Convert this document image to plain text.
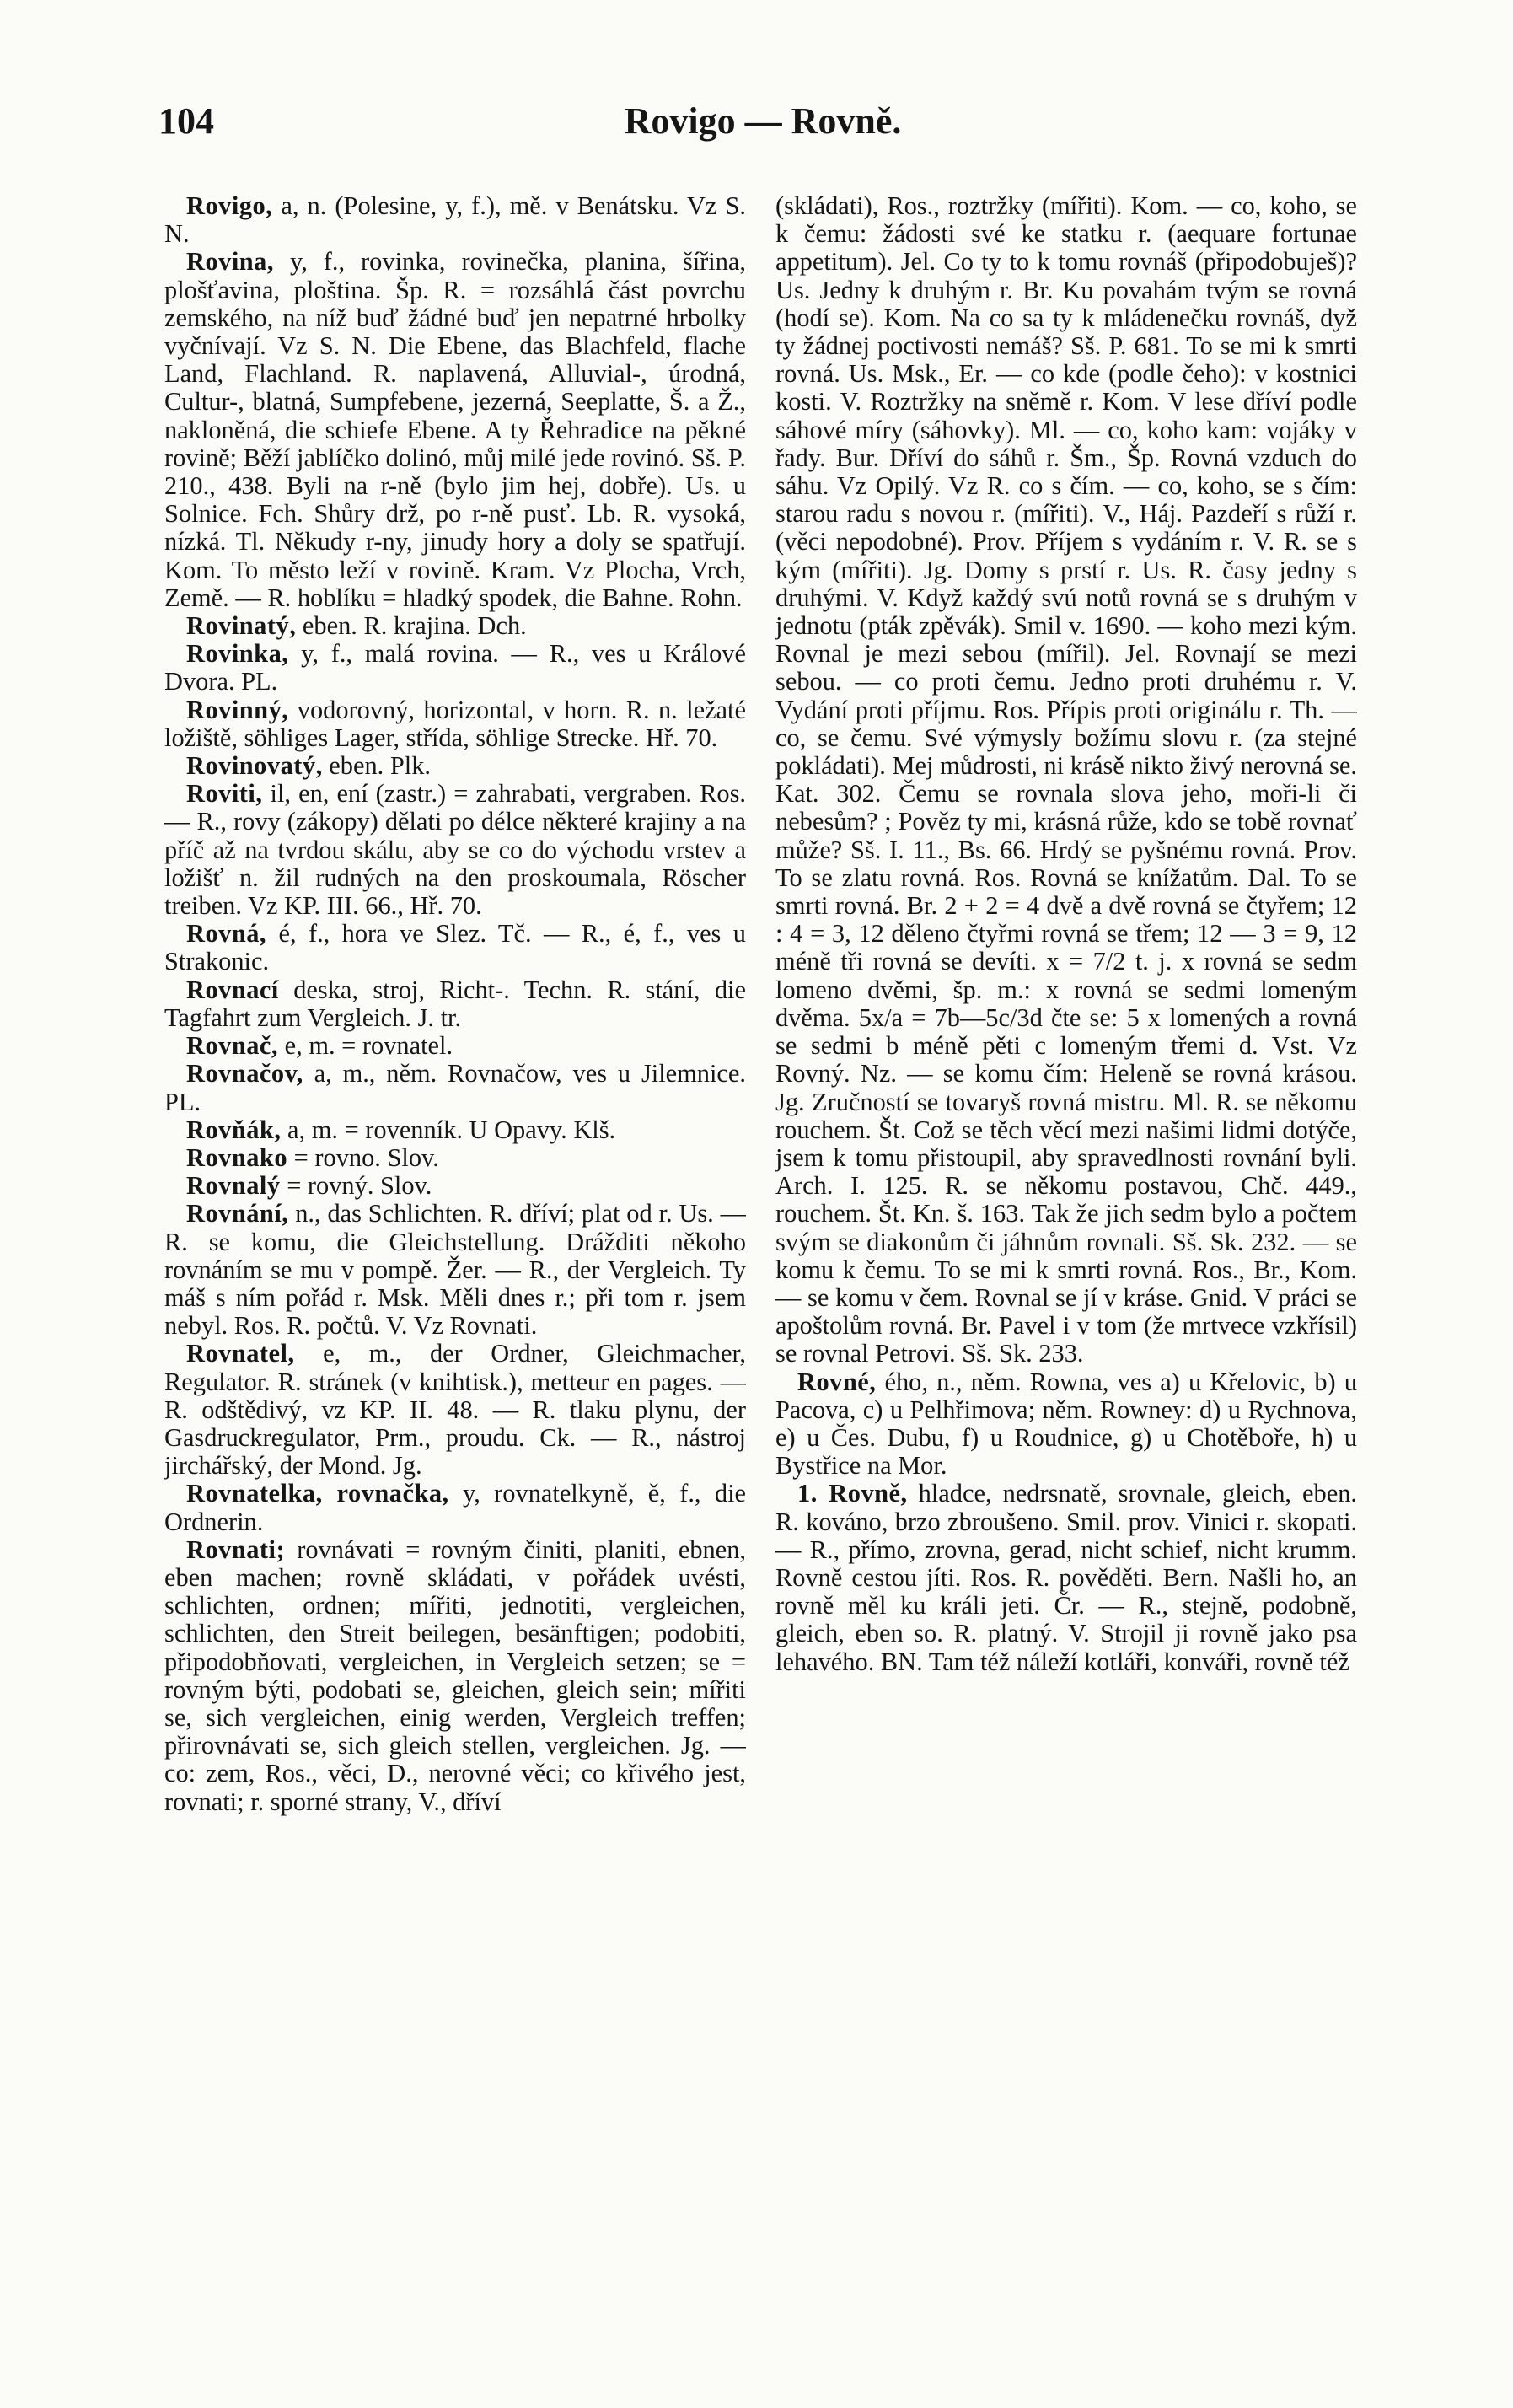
104	Rovigo — Rovně.

Rovigo, a, n. (Polesine, y, f.), mě. v Benátsku. Vz S. N.

Rovina, y, f., rovinka, rovinečka, planina, šířina, plošťavina, ploština. Šp. R. = rozsáhlá část povrchu zemského, na níž buď žádné buď jen nepatrné hrbolky vyčnívají. Vz S. N. Die Ebene, das Blachfeld, flache Land, Flachland. R. naplavená, Alluvial-, úrodná, Cultur-, blatná, Sumpfebene, jezerná, Seeplatte, Š. a Ž., nakloněná, die schiefe Ebene. A ty Řehradice na pěkné rovině; Běží jablíčko dolinó, můj milé jede rovinó. Sš. P. 210., 438. Byli na r-ně (bylo jim hej, dobře). Us. u Solnice. Fch. Shůry drž, po r-ně pusť. Lb. R. vysoká, nízká. Tl. Někudy r-ny, jinudy hory a doly se spatřují. Kom. To město leží v rovině. Kram. Vz Plocha, Vrch, Země. — R. hoblíku = hladký spodek, die Bahne. Rohn.

Rovinatý, eben. R. krajina. Dch.

Rovinka, y, f., malá rovina. — R., ves u Králové Dvora. PL.

Rovinný, vodorovný, horizontal, v horn. R. n. ležaté ložiště, söhliges Lager, střída, söhlige Strecke. Hř. 70.

Rovinovatý, eben. Plk.

Roviti, il, en, ení (zastr.) = zahrabati, vergraben. Ros. — R., rovy (zákopy) dělati po délce některé krajiny a na příč až na tvrdou skálu, aby se co do východu vrstev a ložišť n. žil rudných na den proskoumala, Röscher treiben. Vz KP. III. 66., Hř. 70.

Rovná, é, f., hora ve Slez. Tč. — R., é, f., ves u Strakonic.

Rovnací deska, stroj, Richt-. Techn. R. stání, die Tagfahrt zum Vergleich. J. tr.

Rovnač, e, m. = rovnatel.

Rovnačov, a, m., něm. Rovnačow, ves u Jilemnice. PL.

Rovňák, a, m. = rovenník. U Opavy. Klš.

Rovnako = rovno. Slov.

Rovnalý = rovný. Slov.

Rovnání, n., das Schlichten. R. dříví; plat od r. Us. — R. se komu, die Gleichstellung. Drážditi někoho rovnáním se mu v pompě. Žer. — R., der Vergleich. Ty máš s ním pořád r. Msk. Měli dnes r.; při tom r. jsem nebyl. Ros. R. počtů. V. Vz Rovnati.

Rovnatel, e, m., der Ordner, Gleichmacher, Regulator. R. stránek (v knihtisk.), metteur en pages. — R. odštědivý, vz KP. II. 48. — R. tlaku plynu, der Gasdruckregulator, Prm., proudu. Ck. — R., nástroj jirchářský, der Mond. Jg.

Rovnatelka, rovnačka, y, rovnatelkyně, ě, f., die Ordnerin.

Rovnati; rovnávati = rovným činiti, planiti, ebnen, eben machen; rovně skládati, v pořádek uvésti, schlichten, ordnen; mířiti, jednotiti, vergleichen, schlichten, den Streit beilegen, besänftigen; podobiti, připodobňovati, vergleichen, in Vergleich setzen; se = rovným býti, podobati se, gleichen, gleich sein; mířiti se, sich vergleichen, einig werden, Vergleich treffen; přirovnávati se, sich gleich stellen, vergleichen. Jg. — co: zem, Ros., věci, D., nerovné věci; co křivého jest, rovnati; r. sporné strany, V., dříví

(skládati), Ros., roztržky (mířiti). Kom. — co, koho, se k čemu: žádosti své ke statku r. (aequare fortunae appetitum). Jel. Co ty to k tomu rovnáš (připodobuješ)? Us. Jedny k druhým r. Br. Ku povahám tvým se rovná (hodí se). Kom. Na co sa ty k mládenečku rovnáš, dyž ty žádnej poctivosti nemáš? Sš. P. 681. To se mi k smrti rovná. Us. Msk., Er. — co kde (podle čeho): v kostnici kosti. V. Roztržky na sněmě r. Kom. V lese dříví podle sáhové míry (sáhovky). Ml. — co, koho kam: vojáky v řady. Bur. Dříví do sáhů r. Šm., Šp. Rovná vzduch do sáhu. Vz Opilý. Vz R. co s čím. — co, koho, se s čím: starou radu s novou r. (mířiti). V., Háj. Pazdeří s růží r. (věci nepodobné). Prov. Příjem s vydáním r. V. R. se s kým (mířiti). Jg. Domy s prstí r. Us. R. časy jedny s druhými. V. Když každý svú notů rovná se s druhým v jednotu (pták zpěvák). Smil v. 1690. — koho mezi kým. Rovnal je mezi sebou (mířil). Jel. Rovnají se mezi sebou. — co proti čemu. Jedno proti druhému r. V. Vydání proti příjmu. Ros. Přípis proti originálu r. Th. — co, se čemu. Své výmysly božímu slovu r. (za stejné pokládati). Mej můdrosti, ni krásě nikto živý nerovná se. Kat. 302. Čemu se rovnala slova jeho, moři-li či nebesům? ; Pověz ty mi, krásná růže, kdo se tobě rovnať může? Sš. I. 11., Bs. 66. Hrdý se pyšnému rovná. Prov. To se zlatu rovná. Ros. Rovná se knížatům. Dal. To se smrti rovná. Br. 2 + 2 = 4 dvě a dvě rovná se čtyřem; 12 : 4 = 3, 12 děleno čtyřmi rovná se třem; 12 — 3 = 9, 12 méně tři rovná se devíti. x = 7/2 t. j. x rovná se sedm lomeno dvěmi, šp. m.: x rovná se sedmi lomeným dvěma. 5x/a = 7b—5c/3d čte se: 5 x lomených a rovná se sedmi b méně pěti c lomeným třemi d. Vst. Vz Rovný. Nz. — se komu čím: Heleně se rovná krásou. Jg. Zručností se tovaryš rovná mistru. Ml. R. se někomu rouchem. Št. Což se těch věcí mezi našimi lidmi dotýče, jsem k tomu přistoupil, aby spravedlnosti rovnání byli. Arch. I. 125. R. se někomu postavou, Chč. 449., rouchem. Št. Kn. š. 163. Tak že jich sedm bylo a počtem svým se diakonům či jáhnům rovnali. Sš. Sk. 232. — se komu k čemu. To se mi k smrti rovná. Ros., Br., Kom. — se komu v čem. Rovnal se jí v kráse. Gnid. V práci se apoštolům rovná. Br. Pavel i v tom (že mrtvece vzkřísil) se rovnal Petrovi. Sš. Sk. 233.

Rovné, ého, n., něm. Rowna, ves a) u Křelovic, b) u Pacova, c) u Pelhřimova; něm. Rowney: d) u Rychnova, e) u Čes. Dubu, f) u Roudnice, g) u Chotěboře, h) u Bystřice na Mor.

1. Rovně, hladce, nedrsnatě, srovnale, gleich, eben. R. kováno, brzo zbroušeno. Smil. prov. Vinici r. skopati. — R., přímo, zrovna, gerad, nicht schief, nicht krumm. Rovně cestou jíti. Ros. R. pověděti. Bern. Našli ho, an rovně měl ku králi jeti. Čr. — R., stejně, podobně, gleich, eben so. R. platný. V. Strojil ji rovně jako psa lehavého. BN. Tam též náleží kotláři, konváři, rovně též
